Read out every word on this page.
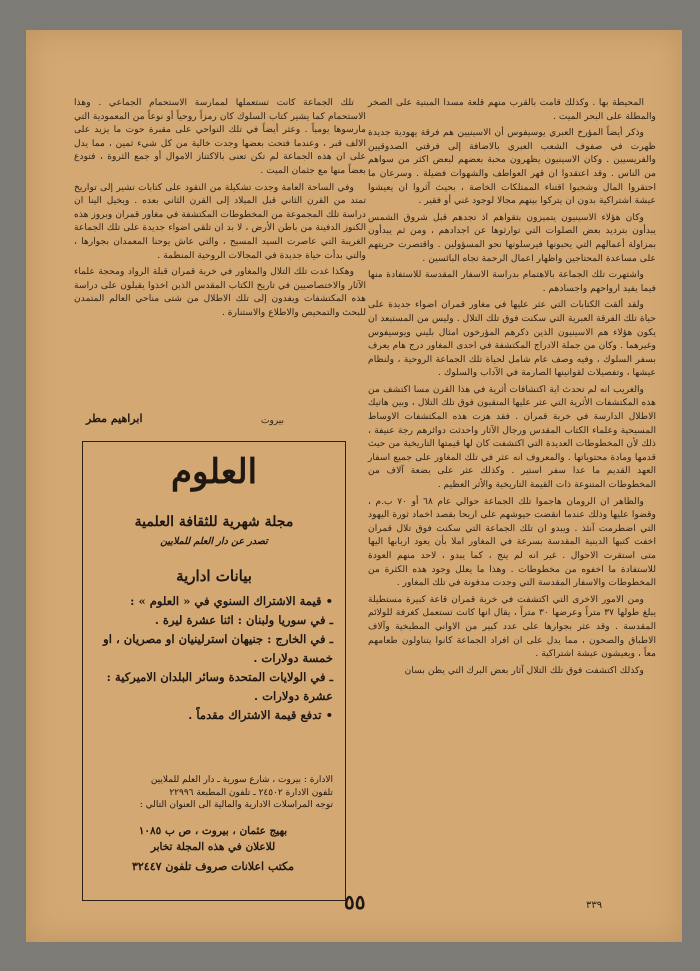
المحيطة بها . وكذلك قامت بالقرب منهم قلعة مسدا المبنية على الصخر والمطلة على البحر الميت .

وذكر أيضاً المؤرخ العبري يوسيفوس أن الاسينيين هم فرقة يهودية جديدة ظهرت في صفوف الشعب العبري بالاضافة إلى فرقتي الصدوقيين والفريسيين . وكان الاسينيون يظهرون محبة بعضهم لبعض اكثر من سواهم من الناس . وقد اعتقدوا ان قهر العواطف والشهوات فضيلة . وسرعان ما احتقروا المال وشجبوا اقتناء الممتلكات الخاصة ، بحيث آثروا ان يعيشوا عيشة اشتراكية بدون ان يتركوا بينهم مجالا لوجود غني أو فقير .

وكان هؤلاء الاسينيون يتميزون بتقواهم اذ تجدهم قبل شروق الشمس يبدأون بترديد بعض الصلوات التي توارثوها عن اجدادهم ، ومن ثم يبدأون بمزاولة أعمالهم التي يحبونها فيرسلونها نحو المسؤولين . واقتصرت حريتهم على مساعدة المحتاجين واظهار اعمال الرحمة تجاه البائسين .

واشتهرت تلك الجماعة بالاهتمام بدراسة الاسفار المقدسة للاستفادة منها فيما يفيد ارواحهم واجسادهم .

ولقد ألقت الكتابات التي عثر عليها في مغاور قمران اضواء جديدة على حياة تلك الفرقة العبرية التي سكنت فوق تلك التلال . وليس من المستبعد ان يكون هؤلاء هم الاسينيون الذين ذكرهم المؤرخون امثال بليني ويوسيفوس وغيرهما . وكان من جملة الادراج المكتشفة في احدى المغاور درج هام يعرف بسفر السلوك ، وفيه وصف عام شامل لحياة تلك الجماعة الروحية ، ولنظام عيشها ، وتفصيلات لقوانينها الصارمة في الآداب والسلوك .

والغريب انه لم تحدث اية اكتشافات أثرية في هذا القرن مسا اكتشف من هذه المكتشفات الأثرية التي عثر عليها المنقبون فوق تلك التلال ، وبين هاتيك الاطلال الدارسة في خربة قمران . فقد هزت هذه المكتشفات الاوساط المسيحية وعلماء الكتاب المقدس ورجال الآثار واحدثت دوائرهم رجة عنيفة ، ذلك لأن المخطوطات العديدة التي اكتشفت كان لها قيمتها التاريخية من حيث قدمها ومادة محتوياتها . والمعروف انه عثر في تلك المغاور على جميع اسفار العهد القديم ما عدا سفر استير . وكذلك عثر على بضعة آلاف من المخطوطات المتنوعة ذات القيمة التاريخية والأثر العظيم .

والظاهر ان الرومان هاجموا تلك الجماعة حوالي عام ٦٨ أو ٧٠ ب.م ، وقضوا عليها وذلك عندما انقضت جيوشهم على اريحا بقصد اخماد ثورة اليهود التي اضطرمت آنئذ . ويبدو ان تلك الجماعة التي سكنت فوق تلال قمران اخفت كتبها الدينية المقدسة بسرعة في المغاور املا بأن يعود اربابها اليها متى استقرت الاحوال . غير انه لم ينج ، كما يبدو ، لاحد منهم العودة للاستفادة ما اخفوه من مخطوطات . وهذا ما يعلل وجود هذه الكثرة من المخطوطات والاسفار المقدسة التي وجدت مدفونة في تلك المغاور .

ومن الامور الاخرى التي اكتشفت في خربة قمران قاعة كبيرة مستطيلة يبلغ طولها ٣٧ متراً وعرضها ٣٠ متراً ، يقال انها كانت تستعمل كغرفة للولائم المقدسة . وقد عثر بجوارها على عدد كبير من الاواني المطبخية وآلاف الاطباق والصحون ، مما يدل على ان افراد الجماعة كانوا يتناولون طعامهم معاً ، ويعيشون عيشة اشتراكية .

وكذلك اكتشفت فوق تلك التلال آثار بعض البرك التي يظن بسان

تلك الجماعة كانت تستعملها لممارسة الاستحمام الجماعي . وهذا الاستحمام كما يشير كتاب السلوك كان رمزاً روحياً أو نوعاً من المعمودية التي مارسوها يومياً . وعثر أيضاً في تلك النواحي على مقبرة حوت ما يزيد على الالف قبر ، وعندما فتحت بعضها وجدت خالية من كل شيء ثمين ، مما يدل على ان هذه الجماعة لم تكن تعنى بالاكتناز الاموال أو جمع الثروة ، فتودع بعضاً منها مع جثمان الميت .

وفي الساحة العامة وجدت تشكيلة من النقود على كتابات تشير إلى تواريخ تمتد من القرن الثاني قبل الميلاد إلى القرن الثاني بعده . ويخيل الينا ان دراسة تلك المجموعة من المخطوطات المكتشفة في مغاور قمران وبروز هذه الكنوز الدفينة من باطن الأرض ، لا بد ان تلقي اضواء جديدة على تلك الجماعة الغريبة التي عاصرت السيد المسيح ، والتي عاش يوحنا المعمدان بجوارها ، والتي بدأت حياة جديدة في المجالات الروحية المنظمة .

وهكذا غدت تلك التلال والمغاور في خربة قمران قبلة الرواد ومحجة علماء الآثار والاختصاصيين في تاريخ الكتاب المقدس الذين اخذوا يقبلون على دراسة هذه المكتشفات ويفدون إلى تلك الاطلال من شتى مناحي العالم المتمدن للبحث والتمحيص والاطلاع والاستنارة .

بيروت
ابراهيم مطر
العلوم
مجلة شهرية للثقافة العلمية
تصدر عن دار العلم للملايين
بيانات ادارية
• قيمة الاشتراك السنوي في « العلوم » :
ـ في سوريا ولبنان : اثنا عشرة ليرة .
ـ في الخارج : جنيهان استرلينيان او مصريان ، او خمسة دولارات .
ـ في الولايات المتحدة وسائر البلدان الاميركية : عشرة دولارات .
• تدفع قيمة الاشتراك مقدماً .
الادارة : بيروت ، شارع سورية ـ دار العلم للملايين
تلفون الادارة ٢٤٥٠٢ ـ تلفون المطبعة ٢٢٩٩٦
توجه المراسلات الادارية والمالية الى العنوان التالي :
بهيج عثمان ، بيروت ، ص ب ١٠٨٥
للاعلان في هذه المجلة تخابر
مكتب اعلانات صروف تلفون ٣٢٤٤٧
٥٥	٣٣٩
